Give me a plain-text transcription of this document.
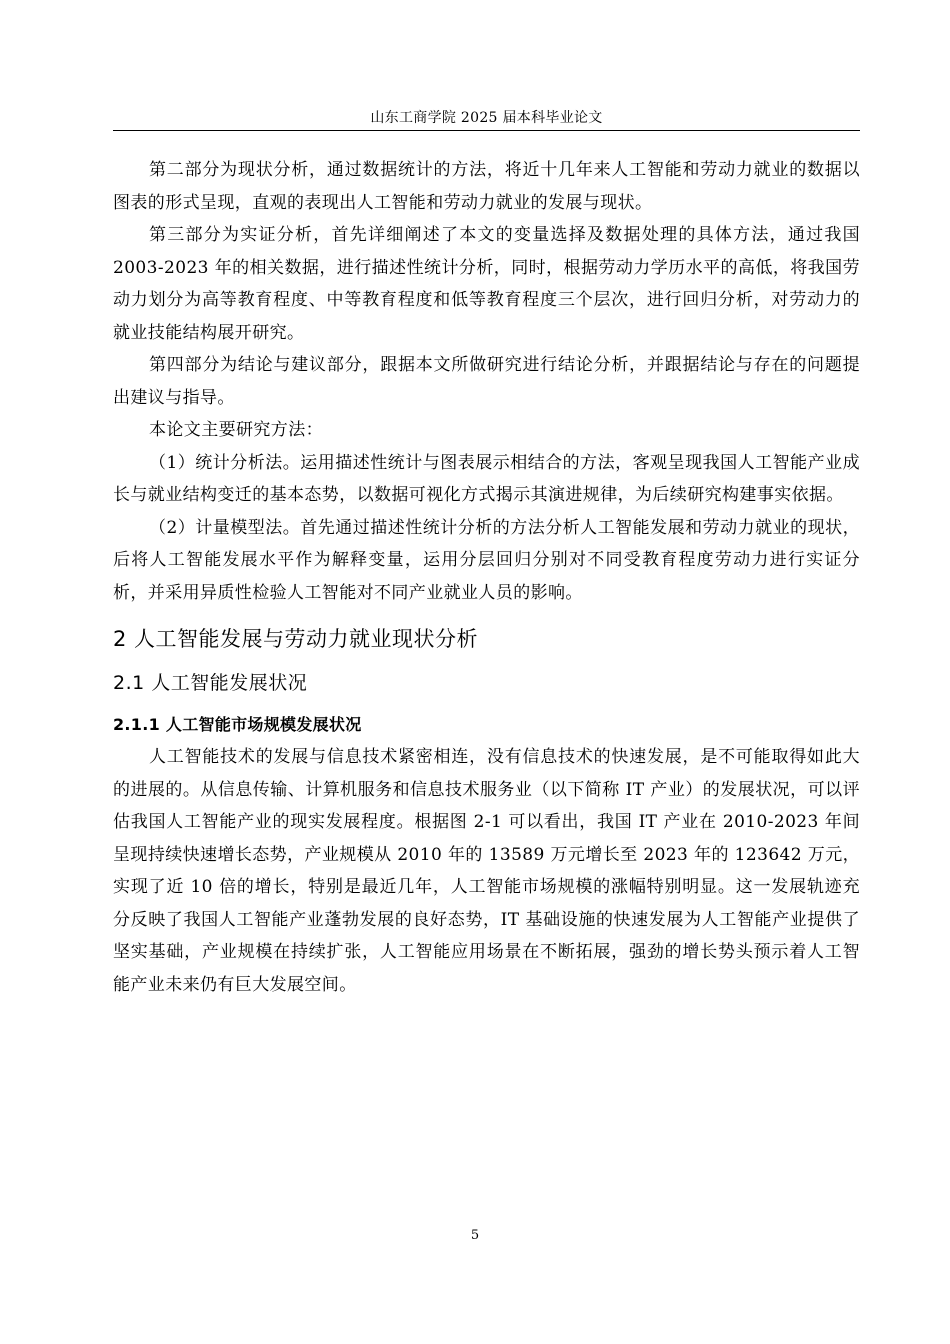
山东工商学院 2025 届本科毕业论文

第二部分为现状分析，通过数据统计的方法，将近十几年来人工智能和劳动力就业的数据以图表的形式呈现，直观的表现出人工智能和劳动力就业的发展与现状。

第三部分为实证分析，首先详细阐述了本文的变量选择及数据处理的具体方法，通过我国 2003-2023 年的相关数据，进行描述性统计分析，同时，根据劳动力学历水平的高低，将我国劳动力划分为高等教育程度、中等教育程度和低等教育程度三个层次，进行回归分析，对劳动力的就业技能结构展开研究。

第四部分为结论与建议部分，跟据本文所做研究进行结论分析，并跟据结论与存在的问题提出建议与指导。

本论文主要研究方法：

（1）统计分析法。运用描述性统计与图表展示相结合的方法，客观呈现我国人工智能产业成长与就业结构变迁的基本态势，以数据可视化方式揭示其演进规律，为后续研究构建事实依据。

（2）计量模型法。首先通过描述性统计分析的方法分析人工智能发展和劳动力就业的现状，后将人工智能发展水平作为解释变量，运用分层回归分别对不同受教育程度劳动力进行实证分析，并采用异质性检验人工智能对不同产业就业人员的影响。

2 人工智能发展与劳动力就业现状分析
2.1 人工智能发展状况
2.1.1 人工智能市场规模发展状况

人工智能技术的发展与信息技术紧密相连，没有信息技术的快速发展，是不可能取得如此大的进展的。从信息传输、计算机服务和信息技术服务业（以下简称 IT 产业）的发展状况，可以评估我国人工智能产业的现实发展程度。根据图 2-1 可以看出，我国 IT 产业在 2010-2023 年间呈现持续快速增长态势，产业规模从 2010 年的 13589 万元增长至 2023 年的 123642 万元，实现了近 10 倍的增长，特别是最近几年，人工智能市场规模的涨幅特别明显。这一发展轨迹充分反映了我国人工智能产业蓬勃发展的良好态势，IT 基础设施的快速发展为人工智能产业提供了坚实基础，产业规模在持续扩张，人工智能应用场景在不断拓展，强劲的增长势头预示着人工智能产业未来仍有巨大发展空间。

5
